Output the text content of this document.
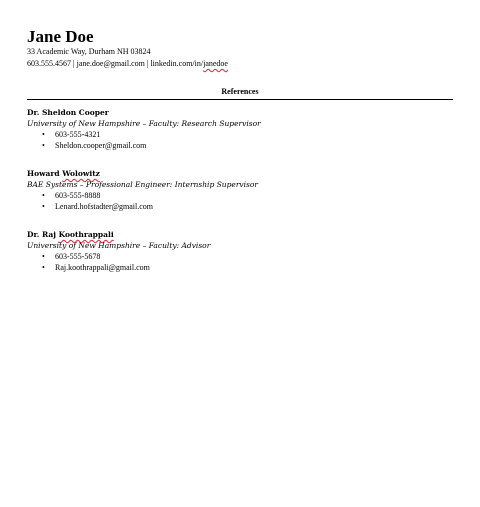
Jane Doe
33 Academic Way, Durham NH 03824
603.555.4567 | jane.doe@gmail.com | linkedin.com/in/janedoe
References
Dr. Sheldon Cooper
University of New Hampshire – Faculty: Research Supervisor
• 603-555-4321
• Sheldon.cooper@gmail.com
Howard Wolowitz
BAE Systems – Professional Engineer: Internship Supervisor
• 603-555-8888
• Lenard.hofstadter@gmail.com
Dr. Raj Koothrappali
University of New Hampshire – Faculty: Advisor
• 603-555-5678
• Raj.koothrappali@gmail.com
